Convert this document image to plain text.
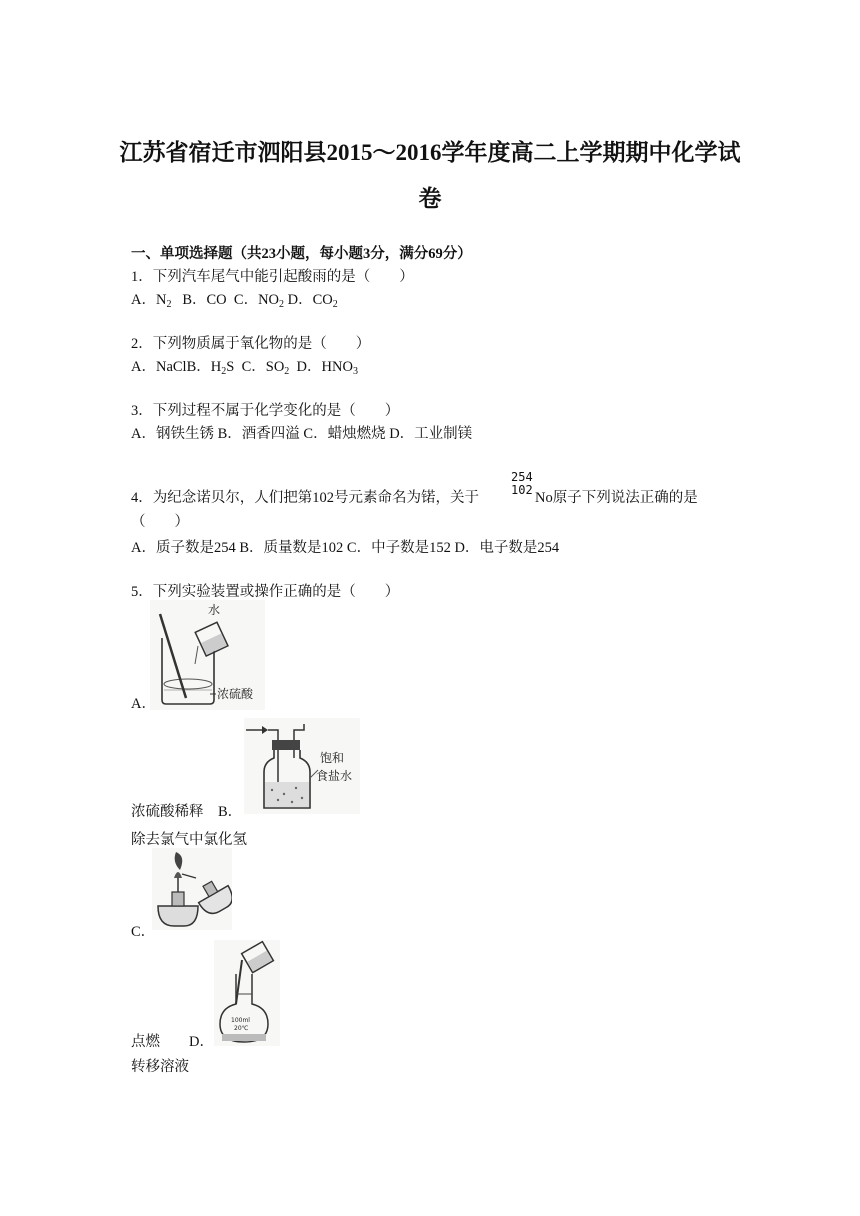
江苏省宿迁市泗阳县2015～2016学年度高二上学期期中化学试
卷
一、单项选择题（共23小题，每小题3分，满分69分）
1．下列汽车尾气中能引起酸雨的是（　　）
A．$N_2$ B．CO C．$NO_2$ D．$CO_2$
2．下列物质属于氧化物的是（　　）
A．NaClB．$H_2S$ C．$SO_2$ D．$HNO_3$
3．下列过程不属于化学变化的是（　　）
A．钢铁生锈 B．酒香四溢 C．蜡烛燃烧 D．工业制镁
4．为纪念诺贝尔，人们把第102号元素命名为锘，关于
254
102 No原子下列说法正确的是
（　　）
A．质子数是254 B．质量数是102 C．中子数是152 D．电子数是254
5．下列实验装置或操作正确的是（　　）
水
浓硫酸
A．
饱和
食盐水
浓硫酸稀释 B．
除去氯气中氯化氢
C．
100ml
20℃
点燃 D．
转移溶液
